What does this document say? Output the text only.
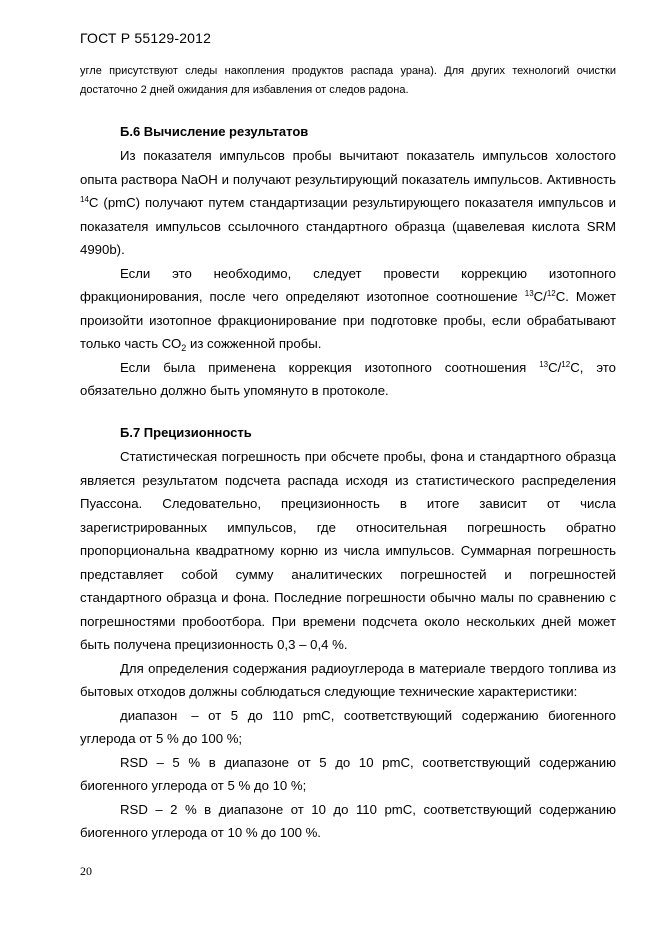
ГОСТ Р 55129-2012
угле присутствуют следы накопления продуктов распада урана). Для других технологий очистки достаточно 2 дней ожидания для избавления от следов радона.
Б.6 Вычисление результатов

Из показателя импульсов пробы вычитают показатель импульсов холостого опыта раствора NaOH и получают результирующий показатель импульсов. Активность $^{14}$С (pmC) получают путем стандартизации результирующего показателя импульсов и показателя импульсов ссылочного стандартного образца (щавелевая кислота SRM 4990b).

Если это необходимо, следует провести коррекцию изотопного фракционирования, после чего определяют изотопное соотношение $^{13}$С/$^{12}$С. Может произойти изотопное фракционирование при подготовке пробы, если обрабатывают только часть $СО_2$ из сожженной пробы.

Если была применена коррекция изотопного соотношения $^{13}$С/$^{12}$С, это обязательно должно быть упомянуто в протоколе.

Б.7 Прецизионность

Статистическая погрешность при обсчете пробы, фона и стандартного образца является результатом подсчета распада исходя из статистического распределения Пуассона. Следовательно, прецизионность в итоге зависит от числа зарегистрированных импульсов, где относительная погрешность обратно пропорциональна квадратному корню из числа импульсов. Суммарная погрешность представляет собой сумму аналитических погрешностей и погрешностей стандартного образца и фона. Последние погрешности обычно малы по сравнению с погрешностями пробоотбора. При времени подсчета около нескольких дней может быть получена прецизионность 0,3 – 0,4 %.

Для определения содержания радиоуглерода в материале твердого топлива из бытовых отходов должны соблюдаться следующие технические характеристики:

диапазон – от 5 до 110 pmC, соответствующий содержанию биогенного углерода от 5 % до 100 %;

RSD – 5 % в диапазоне от 5 до 10 pmC, соответствующий содержанию биогенного углерода от 5 % до 10 %;

RSD – 2 % в диапазоне от 10 до 110 pmC, соответствующий содержанию биогенного углерода от 10 % до 100 %.

20
